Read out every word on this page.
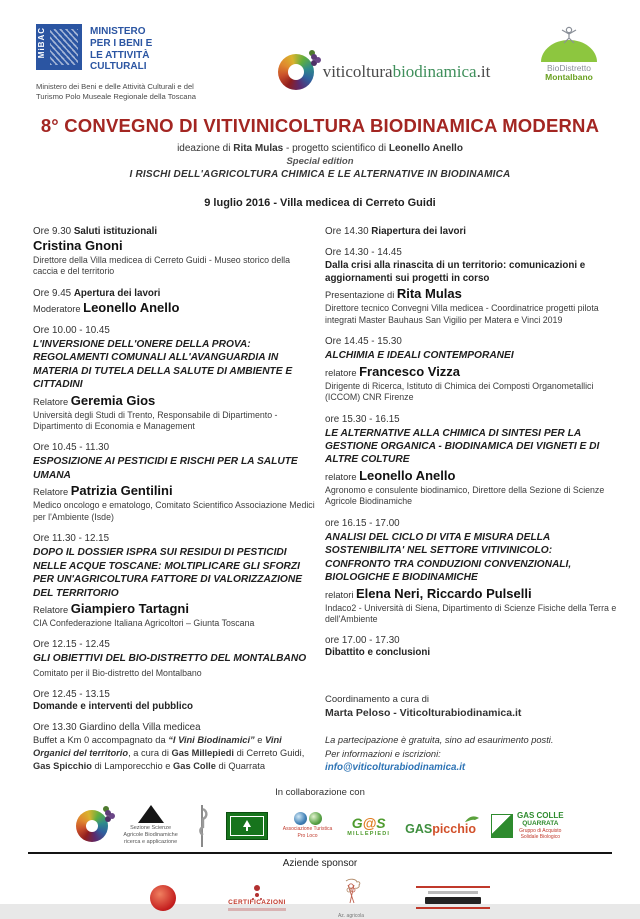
MiBAC	MINISTERO
PER I BENI E
LE ATTIVITÀ
CULTURALI
Ministero dei Beni e delle Attività Culturali e del Turismo Polo Museale Regionale della Toscana
viticolturabiodinamica.it	BioDistretto
Montalbano
8° CONVEGNO DI VITIVINICOLTURA BIODINAMICA MODERNA
ideazione di Rita Mulas - progetto scientifico di Leonello Anello
Special edition
I RISCHI DELL'AGRICOLTURA CHIMICA E LE ALTERNATIVE IN BIODINAMICA
9 luglio 2016 - Villa medicea di Cerreto Guidi
Ore 9.30 Saluti istituzionali
Cristina Gnoni
Direttore della Villa medicea di Cerreto Guidi - Museo storico della caccia e del territorio
Ore 9.45 Apertura dei lavori
Moderatore Leonello Anello
Ore 10.00 - 10.45
L'INVERSIONE DELL'ONERE DELLA PROVA: REGOLAMENTI COMUNALI ALL'AVANGUARDIA IN MATERIA DI TUTELA DELLA SALUTE DI AMBIENTE E CITTADINI
Relatore Geremia Gios
Università degli Studi di Trento, Responsabile di Dipartimento - Dipartimento di Economia e Management
Ore 10.45 - 11.30
ESPOSIZIONE AI PESTICIDI E RISCHI PER LA SALUTE UMANA
Relatore Patrizia Gentilini
Medico oncologo e ematologo, Comitato Scientifico Associazione Medici per l'Ambiente (Isde)
Ore 11.30 - 12.15
DOPO IL DOSSIER ISPRA SUI RESIDUI DI PESTICIDI NELLE ACQUE TOSCANE: MOLTIPLICARE GLI SFORZI PER UN'AGRICOLTURA FATTORE DI VALORIZZAZIONE DEL TERRITORIO
Relatore Giampiero Tartagni
CIA Confederazione Italiana Agricoltori – Giunta Toscana
Ore 12.15 - 12.45
GLI OBIETTIVI DEL BIO-DISTRETTO DEL MONTALBANO
Comitato per il Bio-distretto del Montalbano
Ore 12.45 - 13.15
Domande e interventi del pubblico
Ore 13.30 Giardino della Villa medicea
Buffet a Km 0 accompagnato da “I Vini Biodinamici” e Vini Organici del territorio, a cura di Gas Millepiedi di Cerreto Guidi, Gas Spicchio di Lamporecchio e Gas Colle di Quarrata
Ore 14.30 Riapertura dei lavori
Ore 14.30 - 14.45
Dalla crisi alla rinascita di un territorio: comunicazioni e aggiornamenti sui progetti in corso
Presentazione di Rita Mulas
Direttore tecnico Convegni Villa medicea - Coordinatrice progetti pilota integrati Master Bauhaus San Vigilio per Matera e Vinci 2019
Ore 14.45 - 15.30
ALCHIMIA E IDEALI CONTEMPORANEI
relatore Francesco Vizza
Dirigente di Ricerca, Istituto di Chimica dei Composti Organometallici (ICCOM) CNR Firenze
ore 15.30 - 16.15
LE ALTERNATIVE ALLA CHIMICA DI SINTESI PER LA GESTIONE ORGANICA - BIODINAMICA DEI VIGNETI E DI ALTRE COLTURE
relatore Leonello Anello
Agronomo e consulente biodinamico, Direttore della Sezione di Scienze Agricole Biodinamiche
ore 16.15 - 17.00
ANALISI DEL CICLO DI VITA E MISURA DELLA SOSTENIBILITA' NEL SETTORE VITIVINICOLO: CONFRONTO TRA CONDUZIONI CONVENZIONALI, BIOLOGICHE E BIODINAMICHE
relatori Elena Neri, Riccardo Pulselli
Indaco2 - Università di Siena, Dipartimento di Scienze Fisiche della Terra e dell'Ambiente
ore 17.00 - 17.30
Dibattito e conclusioni
Coordinamento a cura di
Marta Peloso - Viticolturabiodinamica.it
La partecipazione è gratuita, sino ad esaurimento posti.
Per informazioni e iscrizioni:
info@viticolturabiodinamica.it
In collaborazione con
Sezione Scienze
Agricole Biodinamiche
ricerca e applicazione
Associazione Turistica
Pro Loco
G@S
MILLEPIEDI GASpicchio
GAS COLLE
QUARRATA
Gruppo di Acquisto
Solidale Biologico
Aziende sponsor
CERTIFICAZIONI
Az. agricola
